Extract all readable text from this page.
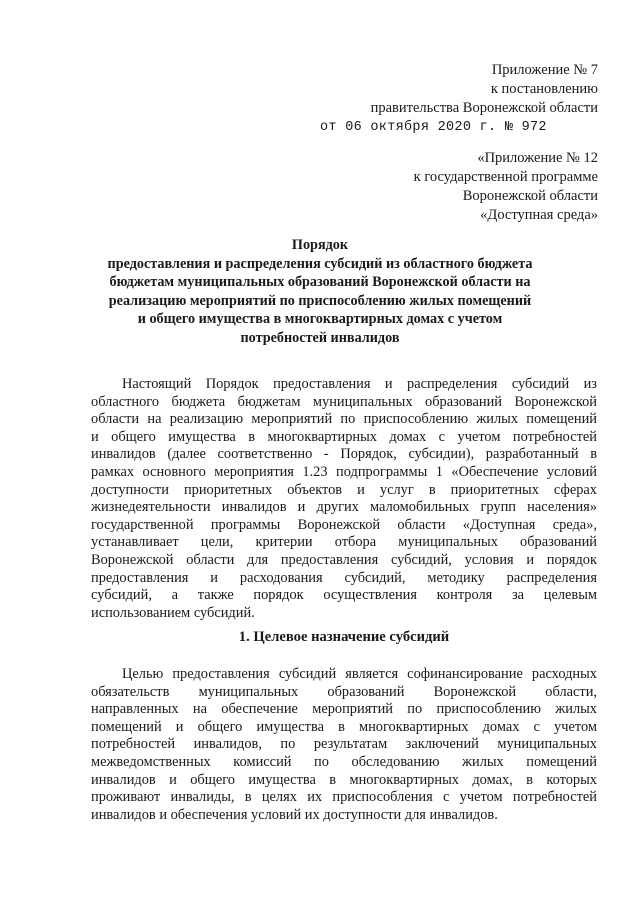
Приложение № 7
к постановлению
правительства Воронежской области
от 06 октября 2020 г. № 972
«Приложение № 12
к государственной программе
Воронежской области
«Доступная среда»
Порядок
предоставления и распределения субсидий из областного бюджета
бюджетам муниципальных образований Воронежской области на
реализацию мероприятий по приспособлению жилых помещений
и общего имущества в многоквартирных домах с учетом
потребностей инвалидов
Настоящий Порядок предоставления и распределения субсидий из
областного бюджета бюджетам муниципальных образований Воронежской
области на реализацию мероприятий по приспособлению жилых помещений
и общего имущества в многоквартирных домах с учетом потребностей
инвалидов (далее соответственно - Порядок, субсидии), разработанный в
рамках основного мероприятия 1.23 подпрограммы 1 «Обеспечение условий
доступности приоритетных объектов и услуг в приоритетных сферах
жизнедеятельности инвалидов и других маломобильных групп населения»
государственной программы Воронежской области «Доступная среда»,
устанавливает цели, критерии отбора муниципальных образований
Воронежской области для предоставления субсидий, условия и порядок
предоставления и расходования субсидий, методику распределения
субсидий, а также порядок осуществления контроля за целевым
использованием субсидий.
1. Целевое назначение субсидий
Целью предоставления субсидий является софинансирование расходных
обязательств муниципальных образований Воронежской области,
направленных на обеспечение мероприятий по приспособлению жилых
помещений и общего имущества в многоквартирных домах с учетом
потребностей инвалидов, по результатам заключений муниципальных
межведомственных комиссий по обследованию жилых помещений
инвалидов и общего имущества в многоквартирных домах, в которых
проживают инвалиды, в целях их приспособления с учетом потребностей
инвалидов и обеспечения условий их доступности для инвалидов.
